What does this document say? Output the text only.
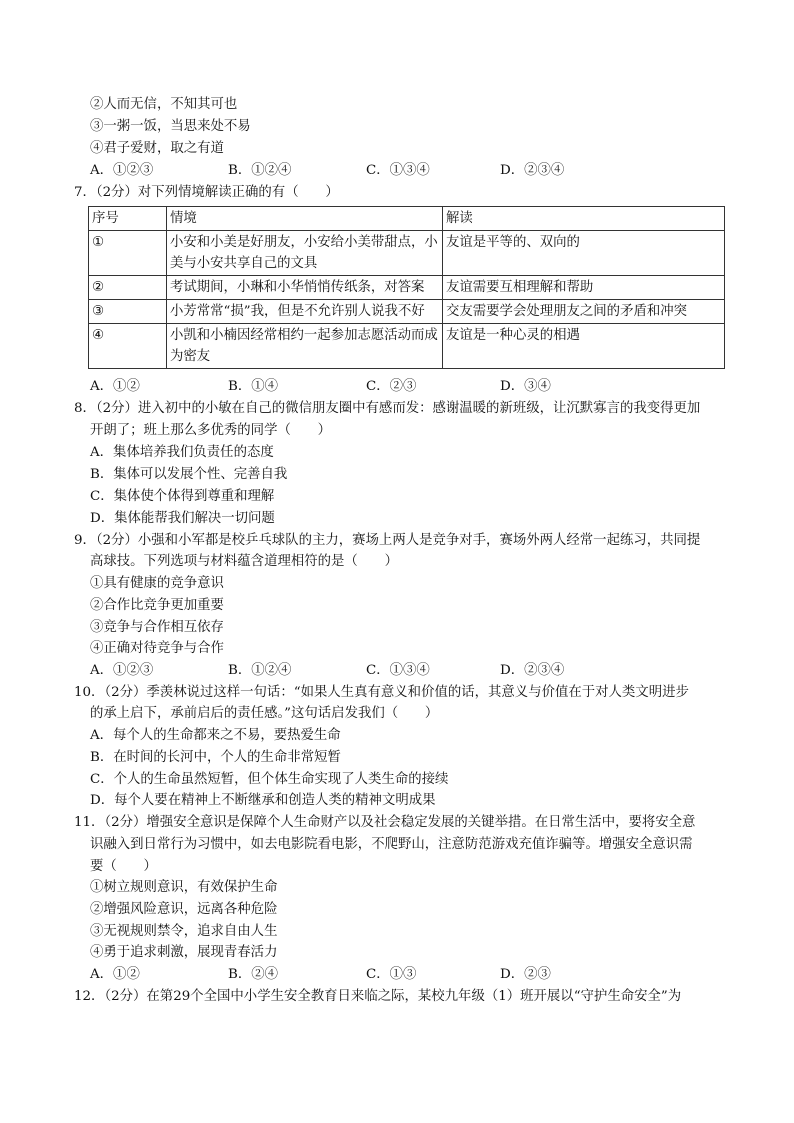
②人而无信，不知其可也
③一粥一饭，当思来处不易
④君子爱财，取之有道
A．①②③	B．①②④	C．①③④	D．②③④
7．（2分）对下列情境解读正确的有（　　）
序号	情境	解读
①	小安和小美是好朋友，小安给小美带甜点，小美与小安共享自己的文具	友谊是平等的、双向的
②	考试期间，小琳和小华悄悄传纸条，对答案	友谊需要互相理解和帮助
③	小芳常常“损”我，但是不允许别人说我不好	交友需要学会处理朋友之间的矛盾和冲突
④	小凯和小楠因经常相约一起参加志愿活动而成为密友	友谊是一种心灵的相遇
A．①②	B．①④	C．②③	D．③④
8．（2分）进入初中的小敏在自己的微信朋友圈中有感而发：感谢温暖的新班级，让沉默寡言的我变得更加
开朗了；班上那么多优秀的同学（　　）
A．集体培养我们负责任的态度
B．集体可以发展个性、完善自我
C．集体使个体得到尊重和理解
D．集体能帮我们解决一切问题
9．（2分）小强和小军都是校乒乓球队的主力，赛场上两人是竞争对手，赛场外两人经常一起练习，共同提
高球技。下列选项与材料蕴含道理相符的是（　　）
①具有健康的竞争意识
②合作比竞争更加重要
③竞争与合作相互依存
④正确对待竞争与合作
A．①②③	B．①②④	C．①③④	D．②③④
10．（2分）季羡林说过这样一句话：“如果人生真有意义和价值的话，其意义与价值在于对人类文明进步
的承上启下，承前启后的责任感。”这句话启发我们（　　）
A．每个人的生命都来之不易，要热爱生命
B．在时间的长河中，个人的生命非常短暂
C．个人的生命虽然短暂，但个体生命实现了人类生命的接续
D．每个人要在精神上不断继承和创造人类的精神文明成果
11．（2分）增强安全意识是保障个人生命财产以及社会稳定发展的关键举措。在日常生活中，要将安全意
识融入到日常行为习惯中，如去电影院看电影，不爬野山，注意防范游戏充值诈骗等。增强安全意识需
要（　　）
①树立规则意识，有效保护生命
②增强风险意识，远离各种危险
③无视规则禁令，追求自由人生
④勇于追求刺激，展现青春活力
A．①②	B．②④	C．①③	D．②③
12．（2分）在第29个全国中小学生安全教育日来临之际，某校九年级（1）班开展以“守护生命安全”为
